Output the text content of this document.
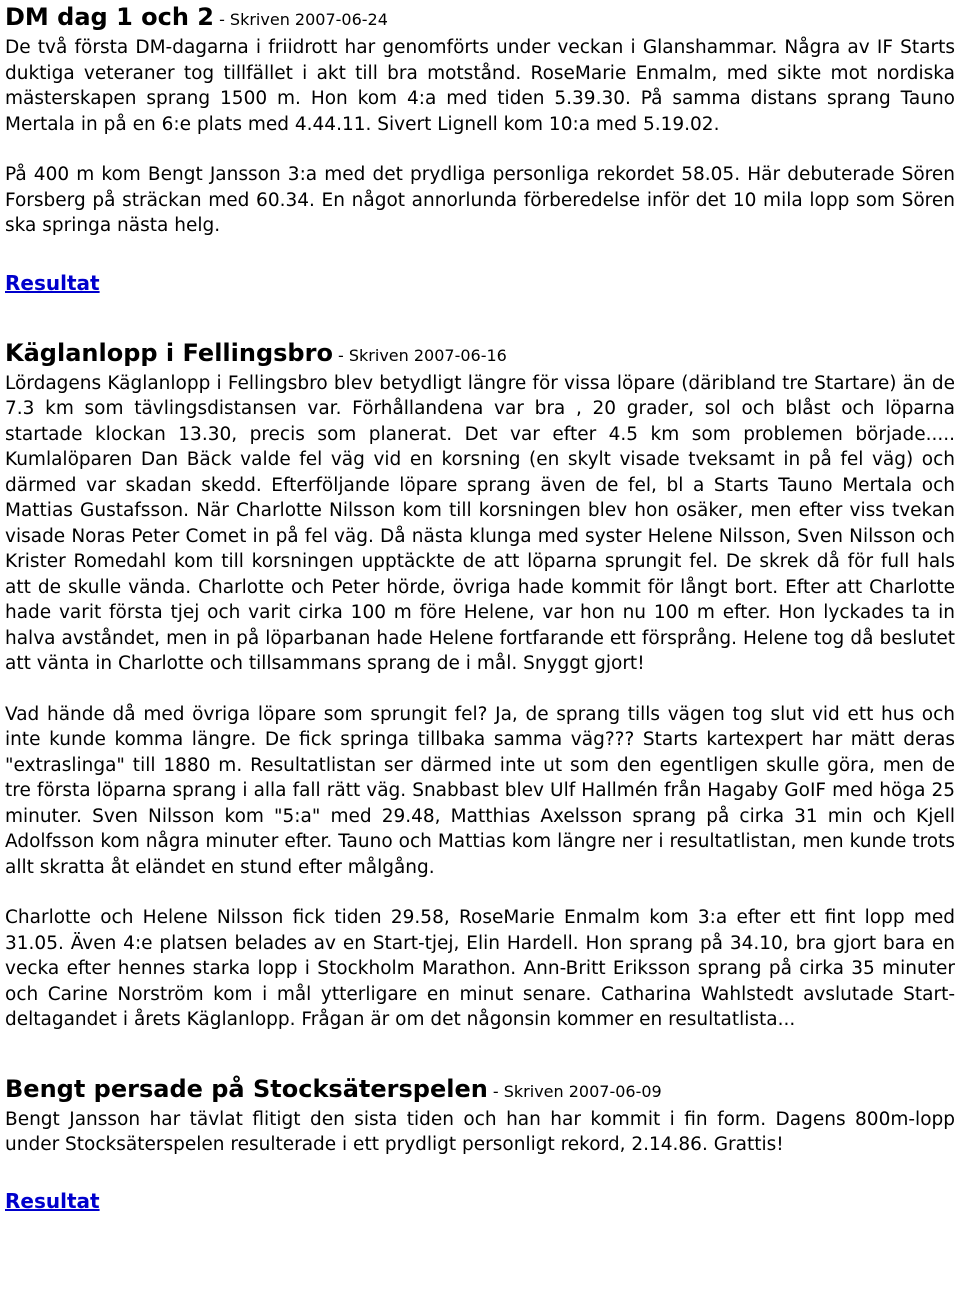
DM dag 1 och 2 - Skriven 2007-06-24

De två första DM-dagarna i friidrott har genomförts under veckan i Glanshammar. Några av IF Starts duktiga veteraner tog tillfället i akt till bra motstånd. RoseMarie Enmalm, med sikte mot nordiska mästerskapen sprang 1500 m. Hon kom 4:a med tiden 5.39.30. På samma distans sprang Tauno Mertala in på en 6:e plats med 4.44.11. Sivert Lignell kom 10:a med 5.19.02.

På 400 m kom Bengt Jansson 3:a med det prydliga personliga rekordet 58.05. Här debuterade Sören Forsberg på sträckan med 60.34. En något annorlunda förberedelse inför det 10 mila lopp som Sören ska springa nästa helg.

Resultat
Käglanlopp i Fellingsbro - Skriven 2007-06-16

Lördagens Käglanlopp i Fellingsbro blev betydligt längre för vissa löpare (däribland tre Startare) än de 7.3 km som tävlingsdistansen var. Förhållandena var bra , 20 grader, sol och blåst och löparna startade klockan 13.30, precis som planerat. Det var efter 4.5 km som problemen började..... Kumlalöparen Dan Bäck valde fel väg vid en korsning (en skylt visade tveksamt in på fel väg) och därmed var skadan skedd. Efterföljande löpare sprang även de fel, bl a Starts Tauno Mertala och Mattias Gustafsson. När Charlotte Nilsson kom till korsningen blev hon osäker, men efter viss tvekan visade Noras Peter Comet in på fel väg. Då nästa klunga med syster Helene Nilsson, Sven Nilsson och Krister Romedahl kom till korsningen upptäckte de att löparna sprungit fel. De skrek då för full hals att de skulle vända. Charlotte och Peter hörde, övriga hade kommit för långt bort. Efter att Charlotte hade varit första tjej och varit cirka 100 m före Helene, var hon nu 100 m efter. Hon lyckades ta in halva avståndet, men in på löparbanan hade Helene fortfarande ett försprång. Helene tog då beslutet att vänta in Charlotte och tillsammans sprang de i mål. Snyggt gjort!

Vad hände då med övriga löpare som sprungit fel? Ja, de sprang tills vägen tog slut vid ett hus och inte kunde komma längre. De fick springa tillbaka samma väg??? Starts kartexpert har mätt deras "extraslinga" till 1880 m. Resultatlistan ser därmed inte ut som den egentligen skulle göra, men de tre första löparna sprang i alla fall rätt väg. Snabbast blev Ulf Hallmén från Hagaby GoIF med höga 25 minuter. Sven Nilsson kom "5:a" med 29.48, Matthias Axelsson sprang på cirka 31 min och Kjell Adolfsson kom några minuter efter. Tauno och Mattias kom längre ner i resultatlistan, men kunde trots allt skratta åt eländet en stund efter målgång.

Charlotte och Helene Nilsson fick tiden 29.58, RoseMarie Enmalm kom 3:a efter ett fint lopp med 31.05. Även 4:e platsen belades av en Start-tjej, Elin Hardell. Hon sprang på 34.10, bra gjort bara en vecka efter hennes starka lopp i Stockholm Marathon. Ann-Britt Eriksson sprang på cirka 35 minuter och Carine Norström kom i mål ytterligare en minut senare. Catharina Wahlstedt avslutade Start-deltagandet i årets Käglanlopp. Frågan är om det någonsin kommer en resultatlista...

Bengt persade på Stocksäterspelen - Skriven 2007-06-09

Bengt Jansson har tävlat flitigt den sista tiden och han har kommit i fin form. Dagens 800m-lopp under Stocksäterspelen resulterade i ett prydligt personligt rekord, 2.14.86. Grattis!

Resultat
